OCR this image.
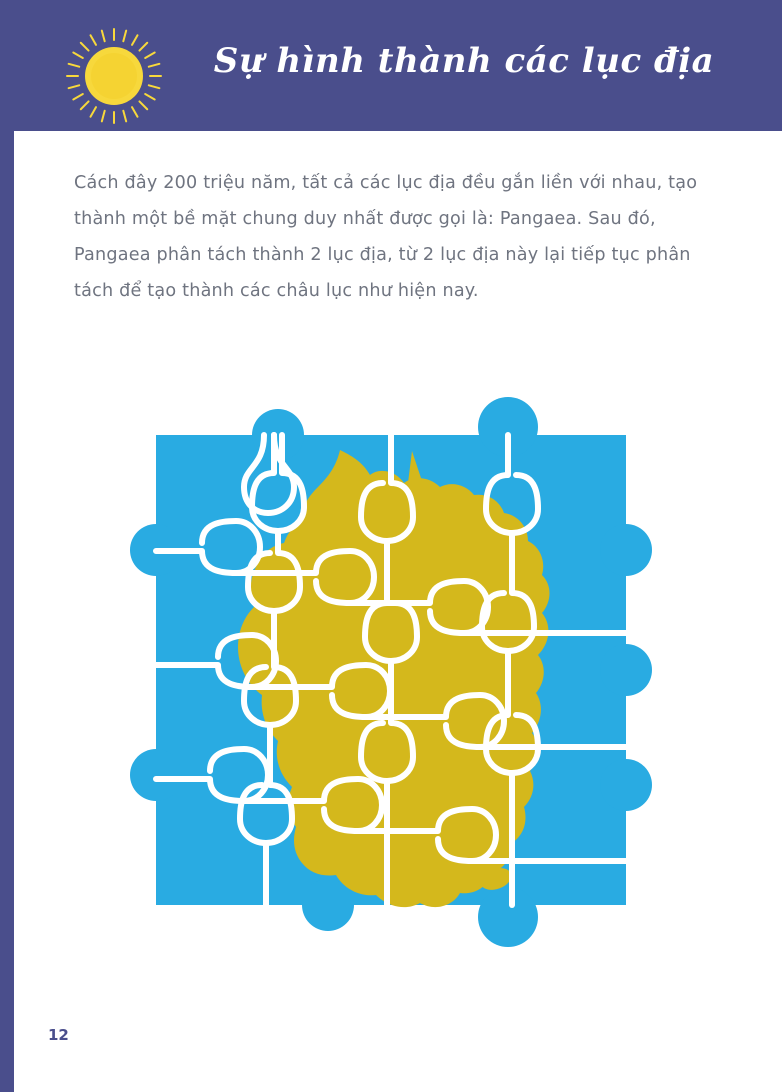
Sự hình thành các lục địa
Cách đây 200 triệu năm, tất cả các lục địa đều gắn liền với nhau, tạo thành một bề mặt chung duy nhất được gọi là: Pangaea. Sau đó, Pangaea phân tách thành 2 lục địa, từ 2 lục địa này lại tiếp tục phân tách để tạo thành các châu lục như hiện nay.
12
